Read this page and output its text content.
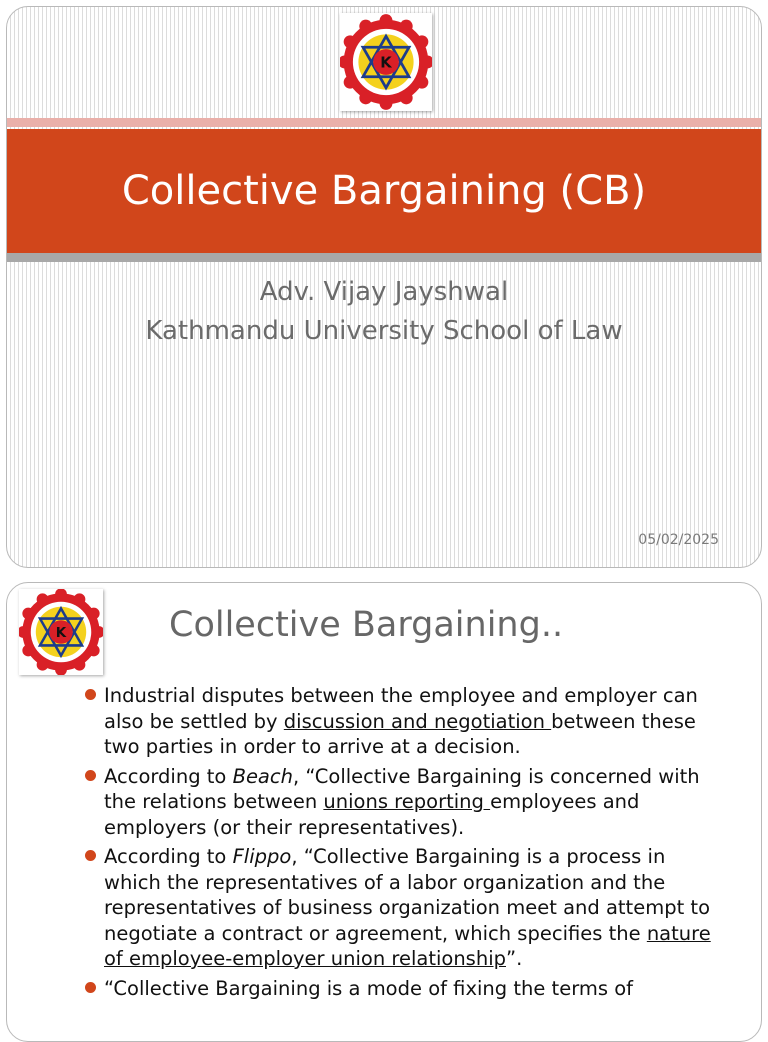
K
Collective Bargaining (CB)
Adv. Vijay Jayshwal
Kathmandu University School of Law
05/02/2025
K	Collective Bargaining..
Industrial disputes between the employee and employer can also be settled by discussion and negotiation between these two parties in order to arrive at a decision.
According to Beach, “Collective Bargaining is concerned with the relations between unions reporting employees and employers (or their representatives).
According to Flippo, “Collective Bargaining is a process in which the representatives of a labor organization and the representatives of business organization meet and attempt to negotiate a contract or agreement, which specifies the nature of employee-employer union relationship”.
“Collective Bargaining is a mode of fixing the terms of
